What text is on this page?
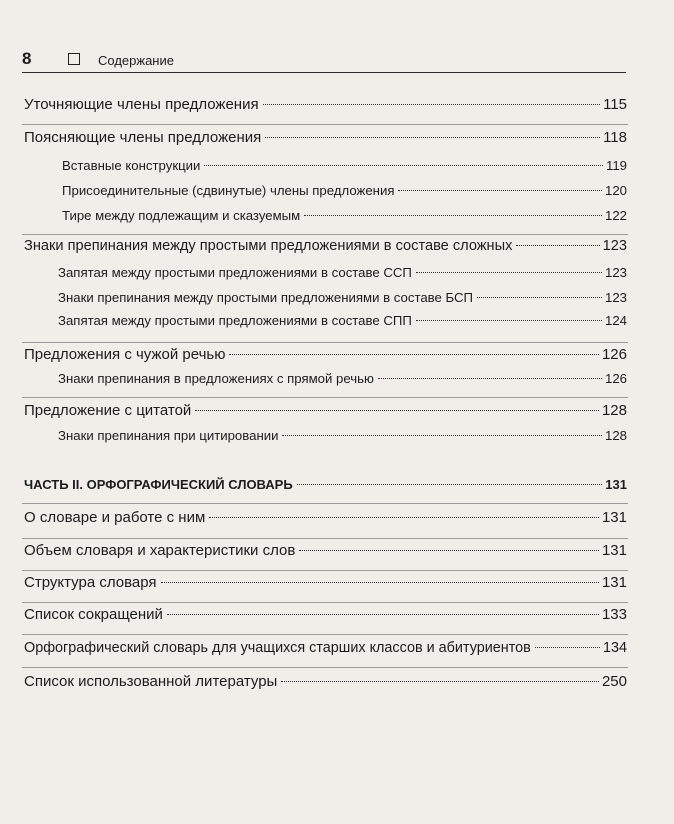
8	Содержание
Уточняющие члены предложения	115
Поясняющие члены предложения	118
Вставные конструкции	119
Присоединительные (сдвинутые) члены предложения	120
Тире между подлежащим и сказуемым	122
Знаки препинания между простыми предложениями в составе сложных	123
Запятая между простыми предложениями в составе ССП	123
Знаки препинания между простыми предложениями в составе БСП	123
Запятая между простыми предложениями в составе СПП	124
Предложения с чужой речью	126
Знаки препинания в предложениях с прямой речью	126
Предложение с цитатой	128
Знаки препинания при цитировании	128
ЧАСТЬ II. ОРФОГРАФИЧЕСКИЙ СЛОВАРЬ	131
О словаре и работе с ним	131
Объем словаря и характеристики слов	131
Структура словаря	131
Список сокращений	133
Орфографический словарь для учащихся старших классов и абитуриентов	134
Список использованной литературы	250
